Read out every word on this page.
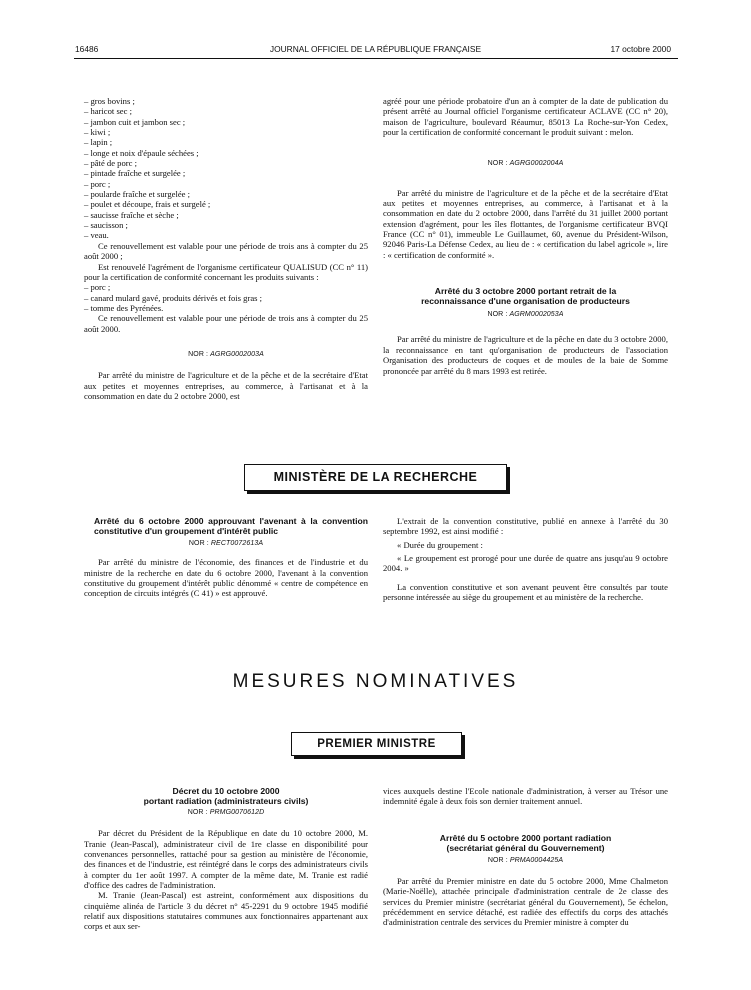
16486	JOURNAL OFFICIEL DE LA RÉPUBLIQUE FRANÇAISE	17 octobre 2000

– gros bovins ;

– haricot sec ;

– jambon cuit et jambon sec ;

– kiwi ;

– lapin ;

– longe et noix d'épaule séchées ;

– pâté de porc ;

– pintade fraîche et surgelée ;

– porc ;

– poularde fraîche et surgelée ;

– poulet et découpe, frais et surgelé ;

– saucisse fraîche et sèche ;

– saucisson ;

– veau.

Ce renouvellement est valable pour une période de trois ans à compter du 25 août 2000 ;

Est renouvelé l'agrément de l'organisme certificateur QUALISUD (CC n° 11) pour la certification de conformité concernant les produits suivants :

– porc ;

– canard mulard gavé, produits dérivés et fois gras ;

– tomme des Pyrénées.

Ce renouvellement est valable pour une période de trois ans à compter du 25 août 2000.

NOR : AGRG0002003A

Par arrêté du ministre de l'agriculture et de la pêche et de la secrétaire d'Etat aux petites et moyennes entreprises, au commerce, à l'artisanat et à la consommation en date du 2 octobre 2000, est

agréé pour une période probatoire d'un an à compter de la date de publication du présent arrêté au Journal officiel l'organisme certificateur ACLAVE (CC n° 20), maison de l'agriculture, boulevard Réaumur, 85013 La Roche-sur-Yon Cedex, pour la certification de conformité concernant le produit suivant : melon.

NOR : AGRG0002004A

Par arrêté du ministre de l'agriculture et de la pêche et de la secrétaire d'Etat aux petites et moyennes entreprises, au commerce, à l'artisanat et à la consommation en date du 2 octobre 2000, dans l'arrêté du 31 juillet 2000 portant extension d'agrément, pour les îles flottantes, de l'organisme certificateur BVQI France (CC n° 01), immeuble Le Guillaumet, 60, avenue du Président-Wilson, 92046 Paris-La Défense Cedex, au lieu de : « certification du label agricole », lire : « certification de conformité ».

Arrêté du 3 octobre 2000 portant retrait de la reconnaissance d'une organisation de producteurs
NOR : AGRM0002053A

Par arrêté du ministre de l'agriculture et de la pêche en date du 3 octobre 2000, la reconnaissance en tant qu'organisation de producteurs de l'association Organisation des producteurs de coques et de moules de la baie de Somme prononcée par arrêté du 8 mars 1993 est retirée.

MINISTÈRE DE LA RECHERCHE
Arrêté du 6 octobre 2000 approuvant l'avenant à la convention constitutive d'un groupement d'intérêt public
NOR : RECT0072613A

Par arrêté du ministre de l'économie, des finances et de l'industrie et du ministre de la recherche en date du 6 octobre 2000, l'avenant à la convention constitutive du groupement d'intérêt public dénommé « centre de compétence en conception de circuits intégrés (C 41) » est approuvé.

L'extrait de la convention constitutive, publié en annexe à l'arrêté du 30 septembre 1992, est ainsi modifié :

« Durée du groupement :

« Le groupement est prorogé pour une durée de quatre ans jusqu'au 9 octobre 2004. »

La convention constitutive et son avenant peuvent être consultés par toute personne intéressée au siège du groupement et au ministère de la recherche.

MESURES NOMINATIVES
PREMIER MINISTRE
Décret du 10 octobre 2000
portant radiation (administrateurs civils)
NOR : PRMG0070612D

Par décret du Président de la République en date du 10 octobre 2000, M. Tranie (Jean-Pascal), administrateur civil de 1re classe en disponibilité pour convenances personnelles, rattaché pour sa gestion au ministère de l'économie, des finances et de l'industrie, est réintégré dans le corps des administrateurs civils à compter du 1er août 1997. A compter de la même date, M. Tranie est radié d'office des cadres de l'administration.

M. Tranie (Jean-Pascal) est astreint, conformément aux dispositions du cinquième alinéa de l'article 3 du décret n° 45-2291 du 9 octobre 1945 modifié relatif aux dispositions statutaires communes aux fonctionnaires appartenant aux corps et aux ser-

vices auxquels destine l'Ecole nationale d'administration, à verser au Trésor une indemnité égale à deux fois son dernier traitement annuel.

Arrêté du 5 octobre 2000 portant radiation
(secrétariat général du Gouvernement)
NOR : PRMA0004425A

Par arrêté du Premier ministre en date du 5 octobre 2000, Mme Chalmeton (Marie-Noëlle), attachée principale d'administration centrale de 2e classe des services du Premier ministre (secrétariat général du Gouvernement), 5e échelon, précédemment en service détaché, est radiée des effectifs du corps des attachés d'administration centrale des services du Premier ministre à compter du
